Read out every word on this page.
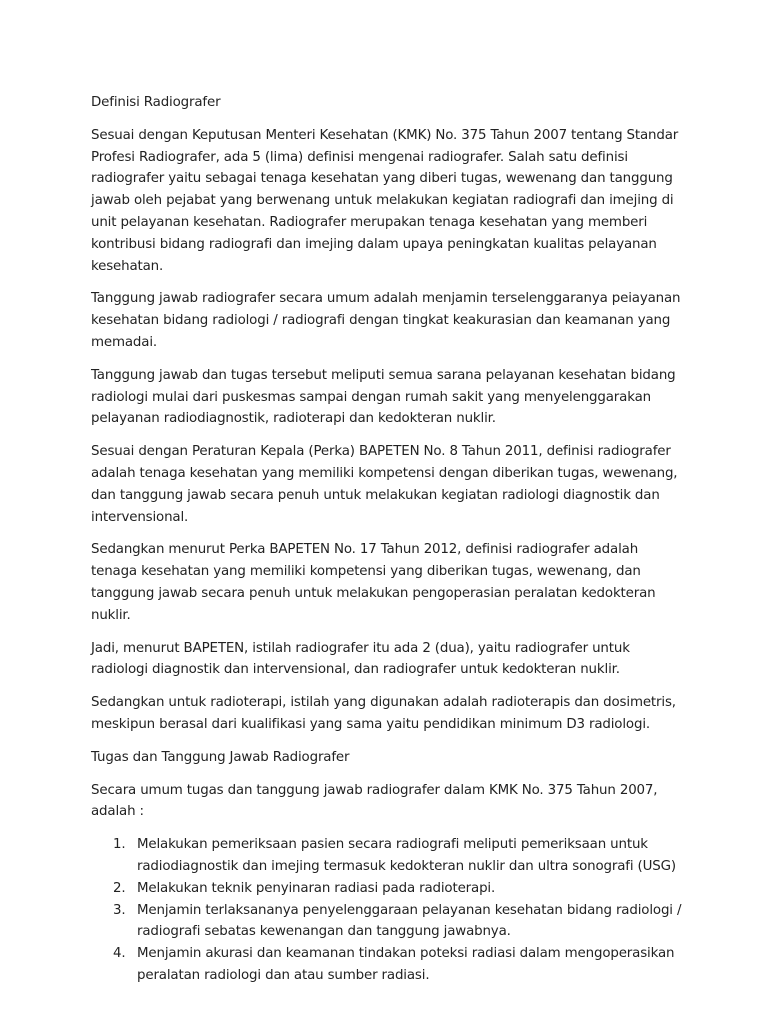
Definisi Radiografer

Sesuai dengan Keputusan Menteri Kesehatan (KMK) No. 375 Tahun 2007 tentang Standar Profesi Radiografer, ada 5 (lima) definisi mengenai radiografer. Salah satu definisi radiografer yaitu sebagai tenaga kesehatan yang diberi tugas, wewenang dan tanggung jawab oleh pejabat yang berwenang untuk melakukan kegiatan radiografi dan imejing di unit pelayanan kesehatan. Radiografer merupakan tenaga kesehatan yang memberi kontribusi bidang radiografi dan imejing dalam upaya peningkatan kualitas pelayanan kesehatan.

Tanggung jawab radiografer secara umum adalah menjamin terselenggaranya peiayanan kesehatan bidang radiologi / radiografi dengan tingkat keakurasian dan keamanan yang memadai.

Tanggung jawab dan tugas tersebut meliputi semua sarana pelayanan kesehatan bidang radiologi mulai dari puskesmas sampai dengan rumah sakit yang menyelenggarakan pelayanan radiodiagnostik, radioterapi dan kedokteran nuklir.

Sesuai dengan Peraturan Kepala (Perka) BAPETEN No. 8 Tahun 2011, definisi radiografer adalah tenaga kesehatan yang memiliki kompetensi dengan diberikan tugas, wewenang, dan tanggung jawab secara penuh untuk melakukan kegiatan radiologi diagnostik dan intervensional.

Sedangkan menurut Perka BAPETEN No. 17 Tahun 2012, definisi radiografer adalah tenaga kesehatan yang memiliki kompetensi yang diberikan tugas, wewenang, dan tanggung jawab secara penuh untuk melakukan pengoperasian peralatan kedokteran nuklir.

Jadi, menurut BAPETEN, istilah radiografer itu ada 2 (dua), yaitu radiografer untuk radiologi diagnostik dan intervensional, dan radiografer untuk kedokteran nuklir.

Sedangkan untuk radioterapi, istilah yang digunakan adalah radioterapis dan dosimetris, meskipun berasal dari kualifikasi yang sama yaitu pendidikan minimum D3 radiologi.

Tugas dan Tanggung Jawab Radiografer

Secara umum tugas dan tanggung jawab radiografer dalam KMK No. 375 Tahun 2007, adalah :

1. Melakukan pemeriksaan pasien secara radiografi meliputi pemeriksaan untuk radiodiagnostik dan imejing termasuk kedokteran nuklir dan ultra sonografi (USG)
2. Melakukan teknik penyinaran radiasi pada radioterapi.
3. Menjamin terlaksananya penyelenggaraan pelayanan kesehatan bidang radiologi / radiografi sebatas kewenangan dan tanggung jawabnya.
4. Menjamin akurasi dan keamanan tindakan poteksi radiasi dalam mengoperasikan peralatan radiologi dan atau sumber radiasi.
